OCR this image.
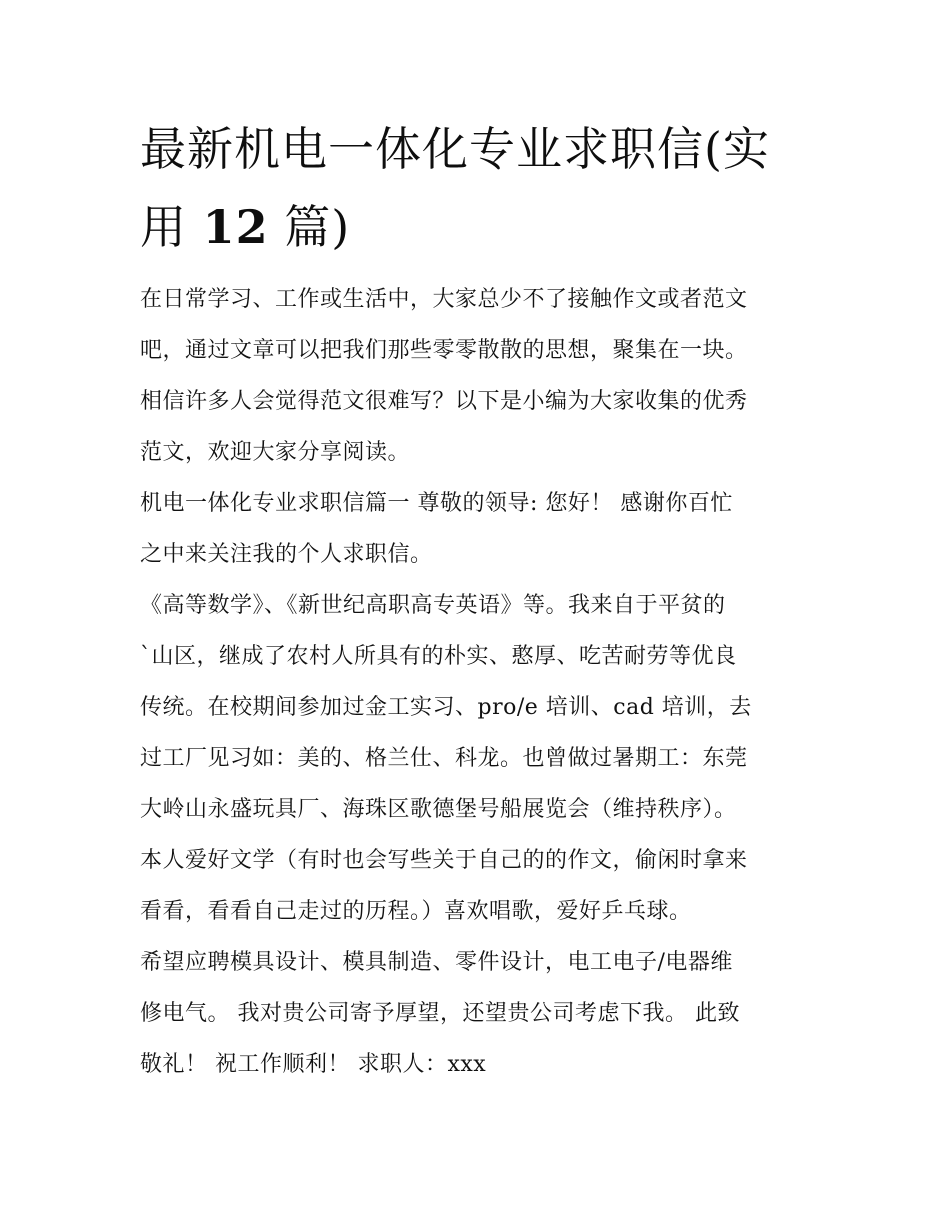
最新机电一体化专业求职信(实
用 12 篇)

在日常学习、工作或生活中，大家总少不了接触作文或者范文
吧，通过文章可以把我们那些零零散散的思想，聚集在一块。
相信许多人会觉得范文很难写？以下是小编为大家收集的优秀
范文，欢迎大家分享阅读。

机电一体化专业求职信篇一 尊敬的领导: 您好！ 感谢你百忙
之中来关注我的个人求职信。

《高等数学》、《新世纪高职高专英语》等。我来自于平贫的
`山区，继成了农村人所具有的朴实、憨厚、吃苦耐劳等优良
传统。在校期间参加过金工实习、pro/e 培训、cad 培训，去
过工厂见习如：美的、格兰仕、科龙。也曾做过暑期工：东莞
大岭山永盛玩具厂、海珠区歌德堡号船展览会（维持秩序）。
本人爱好文学（有时也会写些关于自己的的作文，偷闲时拿来
看看，看看自己走过的历程。）喜欢唱歌，爱好乒乓球。

希望应聘模具设计、模具制造、零件设计，电工电子/电器维
修电气。 我对贵公司寄予厚望，还望贵公司考虑下我。 此致
敬礼！ 祝工作顺利！ 求职人：xxx
